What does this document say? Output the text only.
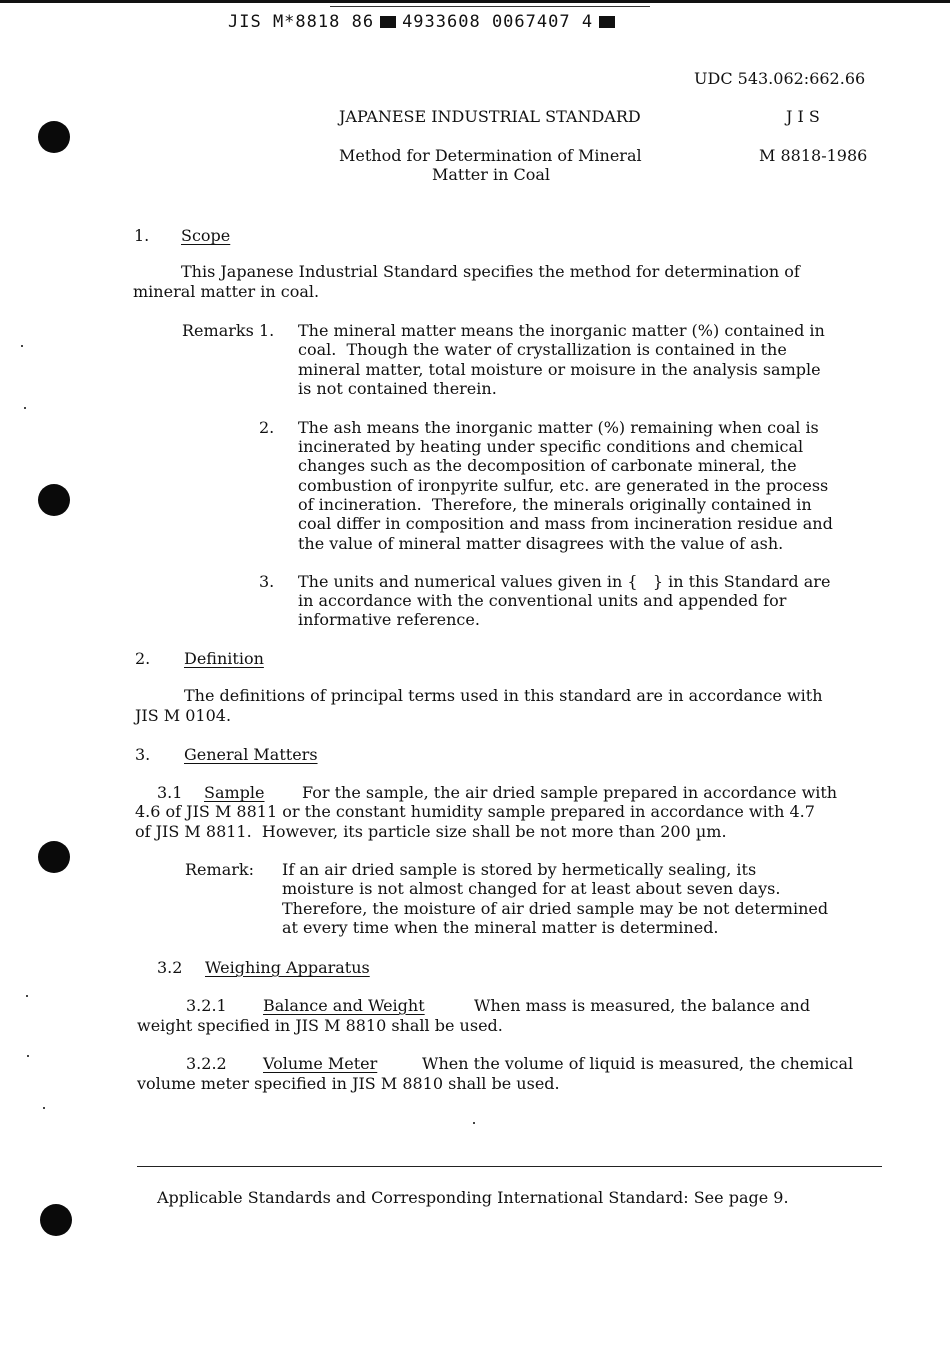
JIS M*8818 86 4933608 0067407 4
UDC 543.062:662.66
JAPANESE INDUSTRIAL STANDARD	J I S
Method for Determination of Mineral
Matter in Coal
M 8818-1986
1. Scope
This Japanese Industrial Standard specifies the method for determination of
mineral matter in coal.
Remarks 1. The mineral matter means the inorganic matter (%) contained in
coal.  Though the water of crystallization is contained in the
mineral matter, total moisture or moisure in the analysis sample
is not contained therein.
2. The ash means the inorganic matter (%) remaining when coal is
incinerated by heating under specific conditions and chemical
changes such as the decomposition of carbonate mineral, the
combustion of ironpyrite sulfur, etc. are generated in the process
of incineration.  Therefore, the minerals originally contained in
coal differ in composition and mass from incineration residue and
the value of mineral matter disagrees with the value of ash.
3. The units and numerical values given in {   } in this Standard are
in accordance with the conventional units and appended for
informative reference.
2. Definition
The definitions of principal terms used in this standard are in accordance with
JIS M 0104.
3. General Matters
3.1 Sample For the sample, the air dried sample prepared in accordance with
4.6 of JIS M 8811 or the constant humidity sample prepared in accordance with 4.7
of JIS M 8811.  However, its particle size shall be not more than 200 µm.
Remark: If an air dried sample is stored by hermetically sealing, its
moisture is not almost changed for at least about seven days.
Therefore, the moisture of air dried sample may be not determined
at every time when the mineral matter is determined.
3.2 Weighing Apparatus
3.2.1 Balance and Weight	When mass is measured, the balance and
weight specified in JIS M 8810 shall be used.
3.2.2 Volume Meter	When the volume of liquid is measured, the chemical
volume meter specified in JIS M 8810 shall be used.
Applicable Standards and Corresponding International Standard: See page 9.
